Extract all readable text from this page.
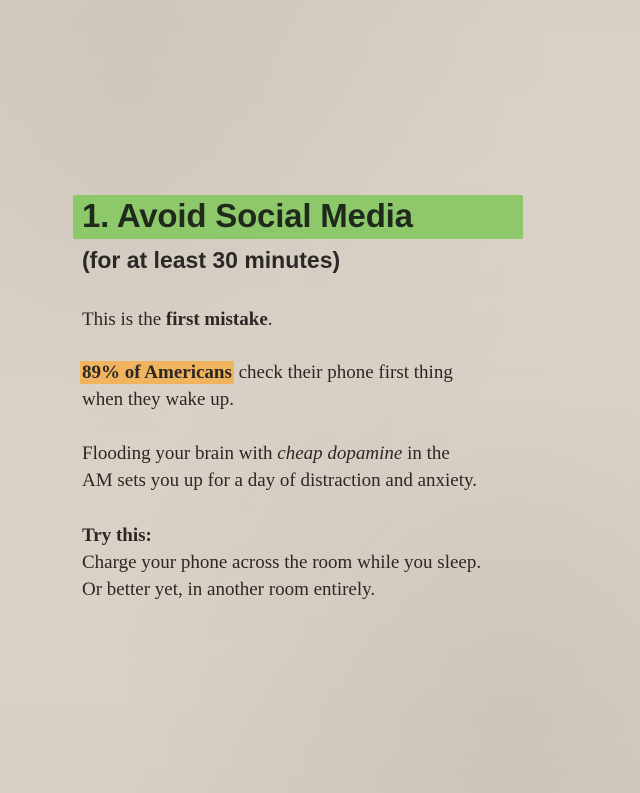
1. Avoid Social Media
(for at least 30 minutes)
This is the first mistake.
89% of Americans check their phone first thing
when they wake up.
Flooding your brain with cheap dopamine in the
AM sets you up for a day of distraction and anxiety.
Try this:
Charge your phone across the room while you sleep.
Or better yet, in another room entirely.
